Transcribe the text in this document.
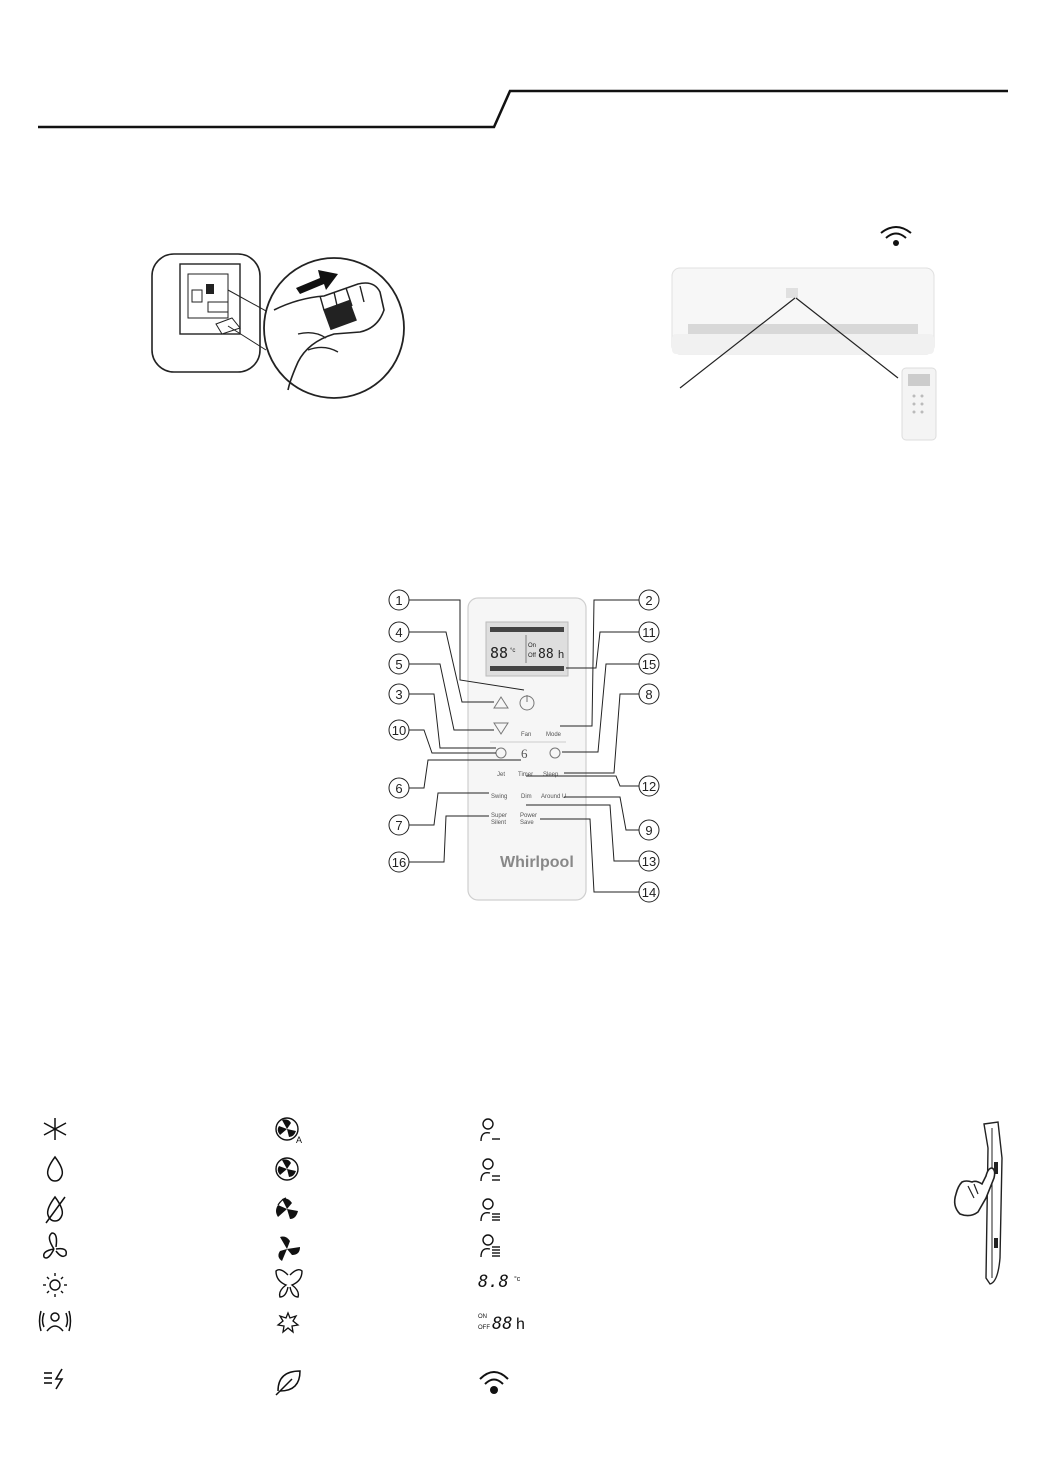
88 °c
On
Off 88 h
Fan Mode
6
Timer Sleep
Jet
Swing Dim Around U
Super
Silent
Power
Save
Whirlpool
1
4
5
3
10
6
7
16
2
11
15
8
12
9
13
14
A
8.8 °c
ON
OFF 88 h
